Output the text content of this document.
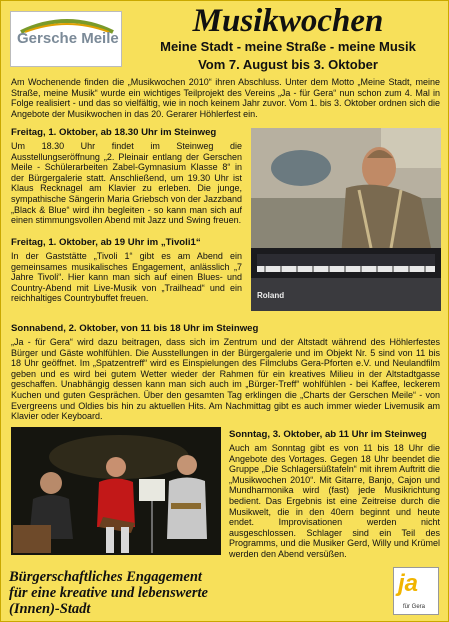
Gersche Meile	Musikwochen
Meine Stadt - meine Straße - meine Musik
Vom 7. August bis 3. Oktober
Am Wochenende finden die „Musikwochen 2010“ ihren Abschluss. Unter dem Motto „Meine Stadt, meine Straße, meine Musik“ wurde ein wichtiges Teilprojekt des Vereins „Ja - für Gera“ nun schon zum 4. Mal in Folge realisiert - und das so vielfältig, wie in noch keinem Jahr zuvor. Vom 1. bis 3. Oktober ordnen sich die Angebote der Musikwochen in das 20. Gerarer Höhlerfest ein.
Freitag, 1. Oktober, ab 18.30 Uhr im Steinweg
Um 18.30 Uhr findet im Steinweg die Ausstellungseröffnung „2. Pleinair entlang der Gerschen Meile - Schülerarbeiten Zabel-Gymnasium Klasse 8“ in der Bürgergalerie statt. Anschließend, um 19.30 Uhr ist Klaus Recknagel am Klavier zu erleben. Die junge, sympathische Sängerin Maria Griebsch von der Jazzband „Black & Blue“ wird ihn begleiten - so kann man sich auf einen stimmungsvollen Abend mit Jazz und Swing freuen.
Roland
Freitag, 1. Oktober, ab 19 Uhr im „Tivoli1“
In der Gaststätte „Tivoli 1“ gibt es am Abend ein gemeinsames musikalisches Engagement, anlässlich „7 Jahre Tivoli“. Hier kann man sich auf einen Blues- und Country-Abend mit Live-Musik von „Trailhead“ und ein reichhaltiges Countrybuffet freuen.
Sonnabend, 2. Oktober, von 11 bis 18 Uhr im Steinweg
„Ja - für Gera“ wird dazu beitragen, dass sich im Zentrum und der Altstadt während des Höhlerfestes Bürger und Gäste wohlfühlen. Die Ausstellungen in der Bürgergalerie und im Objekt Nr. 5 sind von 11 bis 18 Uhr geöffnet. Im „Spatzentreff“ wird es Einspielungen des Filmclubs Gera-Pforten e.V. und Neulandfilm geben und es wird bei gutem Wetter wieder der Rahmen für ein kreatives Milieu in der Altstadtgasse geschaffen. Unabhängig dessen kann man sich auch im „Bürger-Treff“ wohlfühlen - bei Kaffee, leckerem Kuchen und guten Gesprächen. Über den gesamten Tag erklingen die „Charts der Gerschen Meile“ - von Evergreens und Oldies bis hin zu aktuellen Hits. Am Nachmittag gibt es auch immer wieder Livemusik am Klavier oder Keyboard.
Sonntag, 3. Oktober, ab 11 Uhr im Steinweg
Auch am Sonntag gibt es von 11 bis 18 Uhr die Angebote des Vortages. Gegen 18 Uhr beendet die Gruppe „Die Schlagersüßtafeln“ mit ihrem Auftritt die „Musikwochen 2010“. Mit Gitarre, Banjo, Cajon und Mundharmonika wird (fast) jede Musikrichtung bedient. Das Ergebnis ist eine Zeitreise durch die Musikwelt, die in den 40ern beginnt und heute endet. Improvisationen werden nicht ausgeschlossen. Schlager sind ein Teil des Programms, und die Musiker Gerd, Willy und Krümel werden den Abend versüßen.
Bürgerschaftliches Engagement
für eine kreative und lebenswerte
(Innen)-Stadt
ja
für Gera
